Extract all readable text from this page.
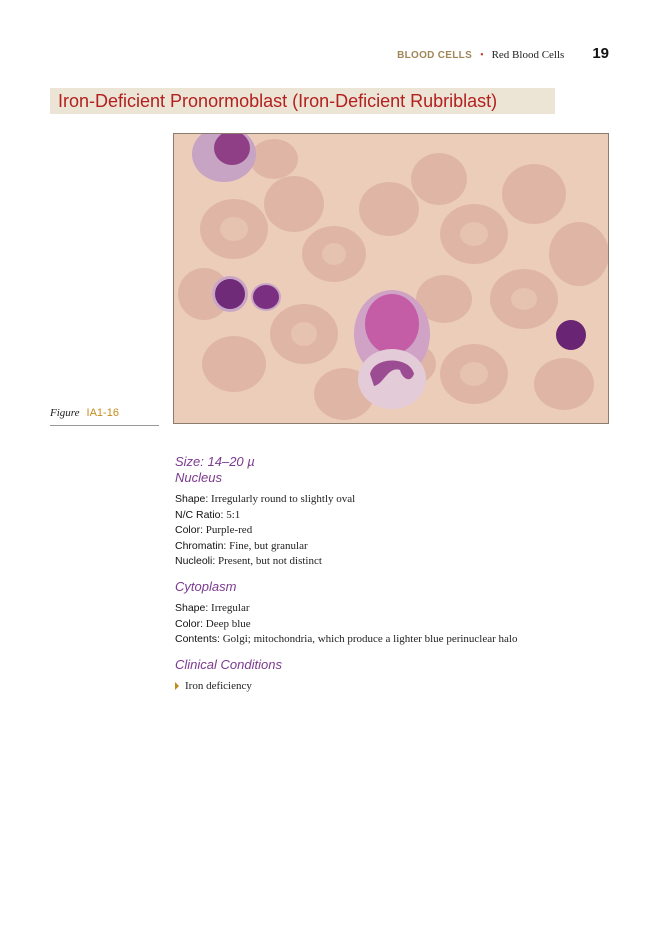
BLOOD CELLS • Red Blood Cells 19
Iron-Deficient Pronormoblast (Iron-Deficient Rubriblast)
Figure IA1-16
Size: 14–20 µ
Nucleus
Shape: Irregularly round to slightly oval
N/C Ratio: 5:1
Color: Purple-red
Chromatin: Fine, but granular
Nucleoli: Present, but not distinct
Cytoplasm
Shape: Irregular
Color: Deep blue
Contents: Golgi; mitochondria, which produce a lighter blue perinuclear halo
Clinical Conditions
Iron deficiency
